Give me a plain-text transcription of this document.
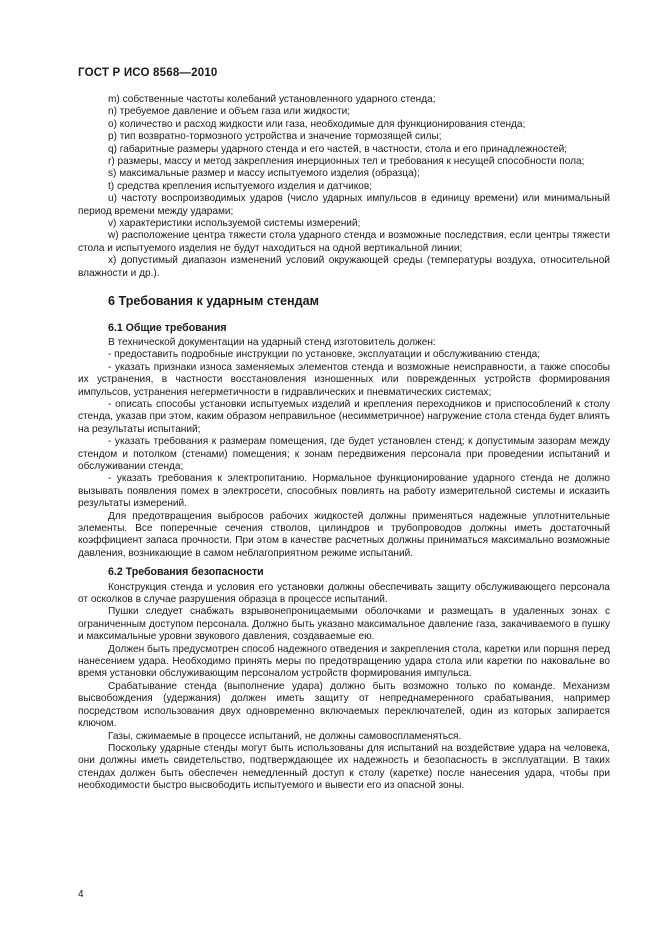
ГОСТ Р ИСО 8568—2010

m) собственные частоты колебаний установленного ударного стенда;

n) требуемое давление и объем газа или жидкости;

o) количество и расход жидкости или газа, необходимые для функционирования стенда;

p) тип возвратно-тормозного устройства и значение тормозящей силы;

q) габаритные размеры ударного стенда и его частей, в частности, стола и его принадлежностей;

r) размеры, массу и метод закрепления инерционных тел и требования к несущей способности пола;

s) максимальные размер и массу испытуемого изделия (образца);

t) средства крепления испытуемого изделия и датчиков;

u) частоту воспроизводимых ударов (число ударных импульсов в единицу времени) или минимальный период времени между ударами;

v) характеристики используемой системы измерений;

w) расположение центра тяжести стола ударного стенда и возможные последствия, если центры тяжести стола и испытуемого изделия не будут находиться на одной вертикальной линии;

x) допустимый диапазон изменений условий окружающей среды (температуры воздуха, относительной влажности и др.).

6 Требования к ударным стендам
6.1 Общие требования

В технической документации на ударный стенд изготовитель должен:

- предоставить подробные инструкции по установке, эксплуатации и обслуживанию стенда;

- указать признаки износа заменяемых элементов стенда и возможные неисправности, а также способы их устранения, в частности восстановления изношенных или поврежденных устройств формирования импульсов, устранения негерметичности в гидравлических и пневматических системах;

- описать способы установки испытуемых изделий и крепления переходников и приспособлений к столу стенда, указав при этом, каким образом неправильное (несимметричное) нагружение стола стенда будет влиять на результаты испытаний;

- указать требования к размерам помещения, где будет установлен стенд; к допустимым зазорам между стендом и потолком (стенами) помещения; к зонам передвижения персонала при проведении испытаний и обслуживании стенда;

- указать требования к электропитанию. Нормальное функционирование ударного стенда не должно вызывать появления помех в электросети, способных повлиять на работу измерительной системы и исказить результаты измерений.

Для предотвращения выбросов рабочих жидкостей должны применяться надежные уплотнительные элементы. Все поперечные сечения стволов, цилиндров и трубопроводов должны иметь достаточный коэффициент запаса прочности. При этом в качестве расчетных должны приниматься максимально возможные давления, возникающие в самом неблагоприятном режиме испытаний.

6.2 Требования безопасности

Конструкция стенда и условия его установки должны обеспечивать защиту обслуживающего персонала от осколков в случае разрушения образца в процессе испытаний.

Пушки следует снабжать взрывонепроницаемыми оболочками и размещать в удаленных зонах с ограниченным доступом персонала. Должно быть указано максимальное давление газа, закачиваемого в пушку и максимальные уровни звукового давления, создаваемые ею.

Должен быть предусмотрен способ надежного отведения и закрепления стола, каретки или поршня перед нанесением удара. Необходимо принять меры по предотвращению удара стола или каретки по наковальне во время установки обслуживающим персоналом устройств формирования импульса.

Срабатывание стенда (выполнение удара) должно быть возможно только по команде. Механизм высвобождения (удержания) должен иметь защиту от непреднамеренного срабатывания, например посредством использования двух одновременно включаемых переключателей, один из которых запирается ключом.

Газы, сжимаемые в процессе испытаний, не должны самовоспламеняться.

Поскольку ударные стенды могут быть использованы для испытаний на воздействие удара на человека, они должны иметь свидетельство, подтверждающее их надежность и безопасность в эксплуатации. В таких стендах должен быть обеспечен немедленный доступ к столу (каретке) после нанесения удара, чтобы при необходимости быстро высвободить испытуемого и вывести его из опасной зоны.

4
